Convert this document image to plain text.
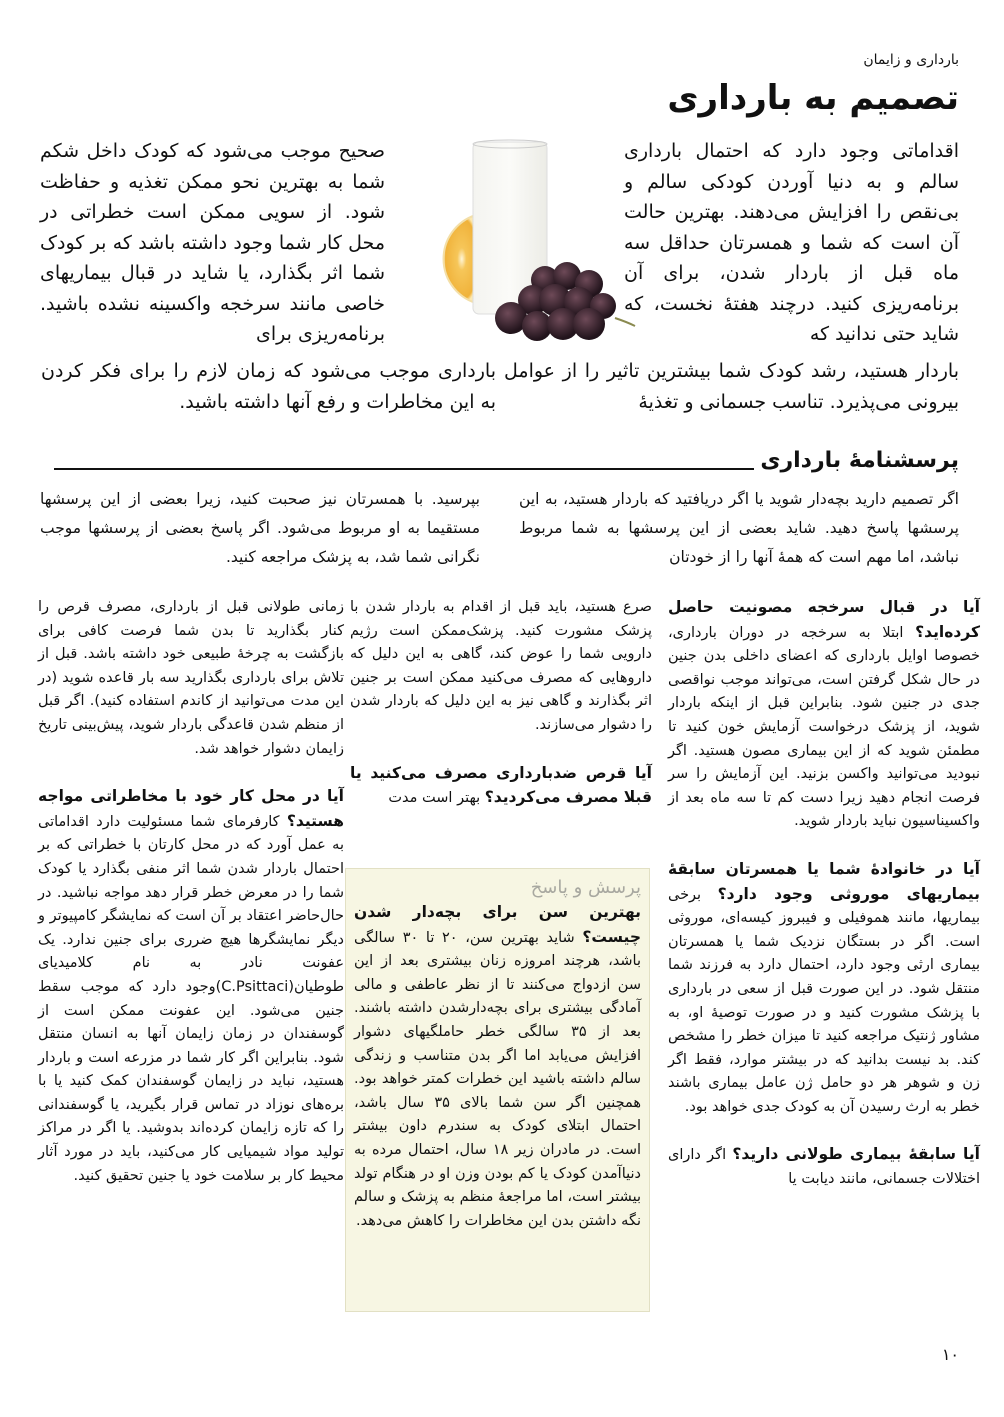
بارداری و زایمان
تصمیم به بارداری
اقداماتی وجود دارد که احتمال بارداری سالم و به دنیا آوردن کودکی سالم و بی‌نقص را افزایش می‌دهند. بهترین حالت آن است که شما و همسرتان حداقل سه ماه قبل از باردار شدن، برای آن برنامه‌ریزی کنید. درچند هفتهٔ نخست، که شاید حتی ندانید که
صحیح موجب می‌شود که کودک داخل شکم شما به بهترین نحو ممکن تغذیه و حفاظت شود. از سویی ممکن است خطراتی در محل کار شما وجود داشته باشد که بر کودک شما اثر بگذارد، یا شاید در قبال بیماریهای خاصی مانند سرخجه واکسینه نشده باشید. برنامه‌ریزی برای
باردار هستید، رشد کودک شما بیشترین تاثیر را از عوامل بیرونی می‌پذیرد. تناسب جسمانی و تغذیهٔ
بارداری موجب می‌شود که زمان لازم را برای فکر کردن به این مخاطرات و رفع آنها داشته باشید.
پرسشنامهٔ بارداری
اگر تصمیم دارید بچه‌دار شوید یا اگر دریافتید که باردار هستید، به این پرسشها پاسخ دهید. شاید بعضی از این پرسشها به شما مربوط نباشد، اما مهم است که همهٔ آنها را از خودتان
بپرسید. با همسرتان نیز صحبت کنید، زیرا بعضی از این پرسشها مستقیما به او مربوط می‌شود. اگر پاسخ بعضی از پرسشها موجب نگرانی شما شد، به پزشک مراجعه کنید.

آیا در قبال سرخجه مصونیت حاصل کرده‌اید؟ ابتلا به سرخجه در دوران بارداری، خصوصا اوایل بارداری که اعضای داخلی بدن جنین در حال شکل گرفتن است، می‌تواند موجب نواقصی جدی در جنین شود. بنابراین قبل از اینکه باردار شوید، از پزشک درخواست آزمایش خون کنید تا مطمئن شوید که از این بیماری مصون هستید. اگر نبودید می‌توانید واکسن بزنید. این آزمایش را سر فرصت انجام دهید زیرا دست کم تا سه ماه بعد از واکسیناسیون نباید باردار شوید.

آیا در خانوادهٔ شما یا همسرتان سابقهٔ بیماریهای موروثی وجود دارد؟ برخی بیماریها، مانند هموفیلی و فیبروز کیسه‌ای، موروثی است. اگر در بستگان نزدیک شما یا همسرتان بیماری ارثی وجود دارد، احتمال دارد به فرزند شما منتقل شود. در این صورت قبل از سعی در بارداری با پزشک مشورت کنید و در صورت توصیهٔ او، به مشاور ژنتیک مراجعه کنید تا میزان خطر را مشخص کند. بد نیست بدانید که در بیشتر موارد، فقط اگر زن و شوهر هر دو حامل ژن عامل بیماری باشند خطر به ارث رسیدن آن به کودک جدی خواهد بود.

آیا سابقهٔ بیماری طولانی دارید؟ اگر دارای اختلالات جسمانی، مانند دیابت یا

صرع هستید، باید قبل از اقدام به باردار شدن با پزشک مشورت کنید. پزشک‌ممکن است رژیم دارویی شما را عوض کند، گاهی به این دلیل که داروهایی که مصرف می‌کنید ممکن است بر جنین اثر بگذارند و گاهی نیز به این دلیل که باردار شدن را دشوار می‌سازند.

آیا قرص ضدبارداری مصرف می‌کنید یا قبلا مصرف می‌کردید؟ بهتر است مدت

پرسش و پاسخ
بهترین سن برای بچه‌دار شدن چیست؟ شاید بهترین سن، ۲۰ تا ۳۰ سالگی باشد، هرچند امروزه زنان بیشتری بعد از این سن ازدواج می‌کنند تا از نظر عاطفی و مالی آمادگی بیشتری برای بچه‌دارشدن داشته باشند. بعد از ۳۵ سالگی خطر حاملگیهای دشوار افزایش می‌یابد اما اگر بدن متناسب و زندگی سالم داشته باشید این خطرات کمتر خواهد بود. همچنین اگر سن شما بالای ۳۵ سال باشد، احتمال ابتلای کودک به سندرم داون بیشتر است. در مادران زیر ۱۸ سال، احتمال مرده به دنیاآمدن کودک یا کم بودن وزن او در هنگام تولد بیشتر است، اما مراجعهٔ منظم به پزشک و سالم نگه داشتن بدن این مخاطرات را کاهش می‌دهد.

زمانی طولانی قبل از بارداری، مصرف قرص را کنار بگذارید تا بدن شما فرصت کافی برای بازگشت به چرخهٔ طبیعی خود داشته باشد. قبل از تلاش برای بارداری بگذارید سه بار قاعده شوید (در این مدت می‌توانید از کاندم استفاده کنید). اگر قبل از منظم شدن قاعدگی باردار شوید، پیش‌بینی تاریخ زایمان دشوار خواهد شد.

آیا در محل کار خود با مخاطراتی مواجه هستید؟ کارفرمای شما مسئولیت دارد اقداماتی به عمل آورد که در محل کارتان با خطراتی که بر احتمال باردار شدن شما اثر منفی بگذارد یا کودک شما را در معرض خطر قرار دهد مواجه نباشید. در حال‌حاضر اعتقاد بر آن است که نمایشگر کامپیوتر و دیگر نمایشگرها هیچ ضرری برای جنین ندارد. یک عفونت نادر به نام کلامیدیای طوطیان(C.Psittaci)وجود دارد که موجب سقط جنین می‌شود. این عفونت ممکن است از گوسفندان در زمان زایمان آنها به انسان منتقل شود. بنابراین اگر کار شما در مزرعه است و باردار هستید، نباید در زایمان گوسفندان کمک کنید یا با بره‌های نوزاد در تماس قرار بگیرید، یا گوسفندانی را که تازه زایمان کرده‌اند بدوشید. یا اگر در مراکز تولید مواد شیمیایی کار می‌کنید، باید در مورد آثار محیط کار بر سلامت خود یا جنین تحقیق کنید.

۱۰
